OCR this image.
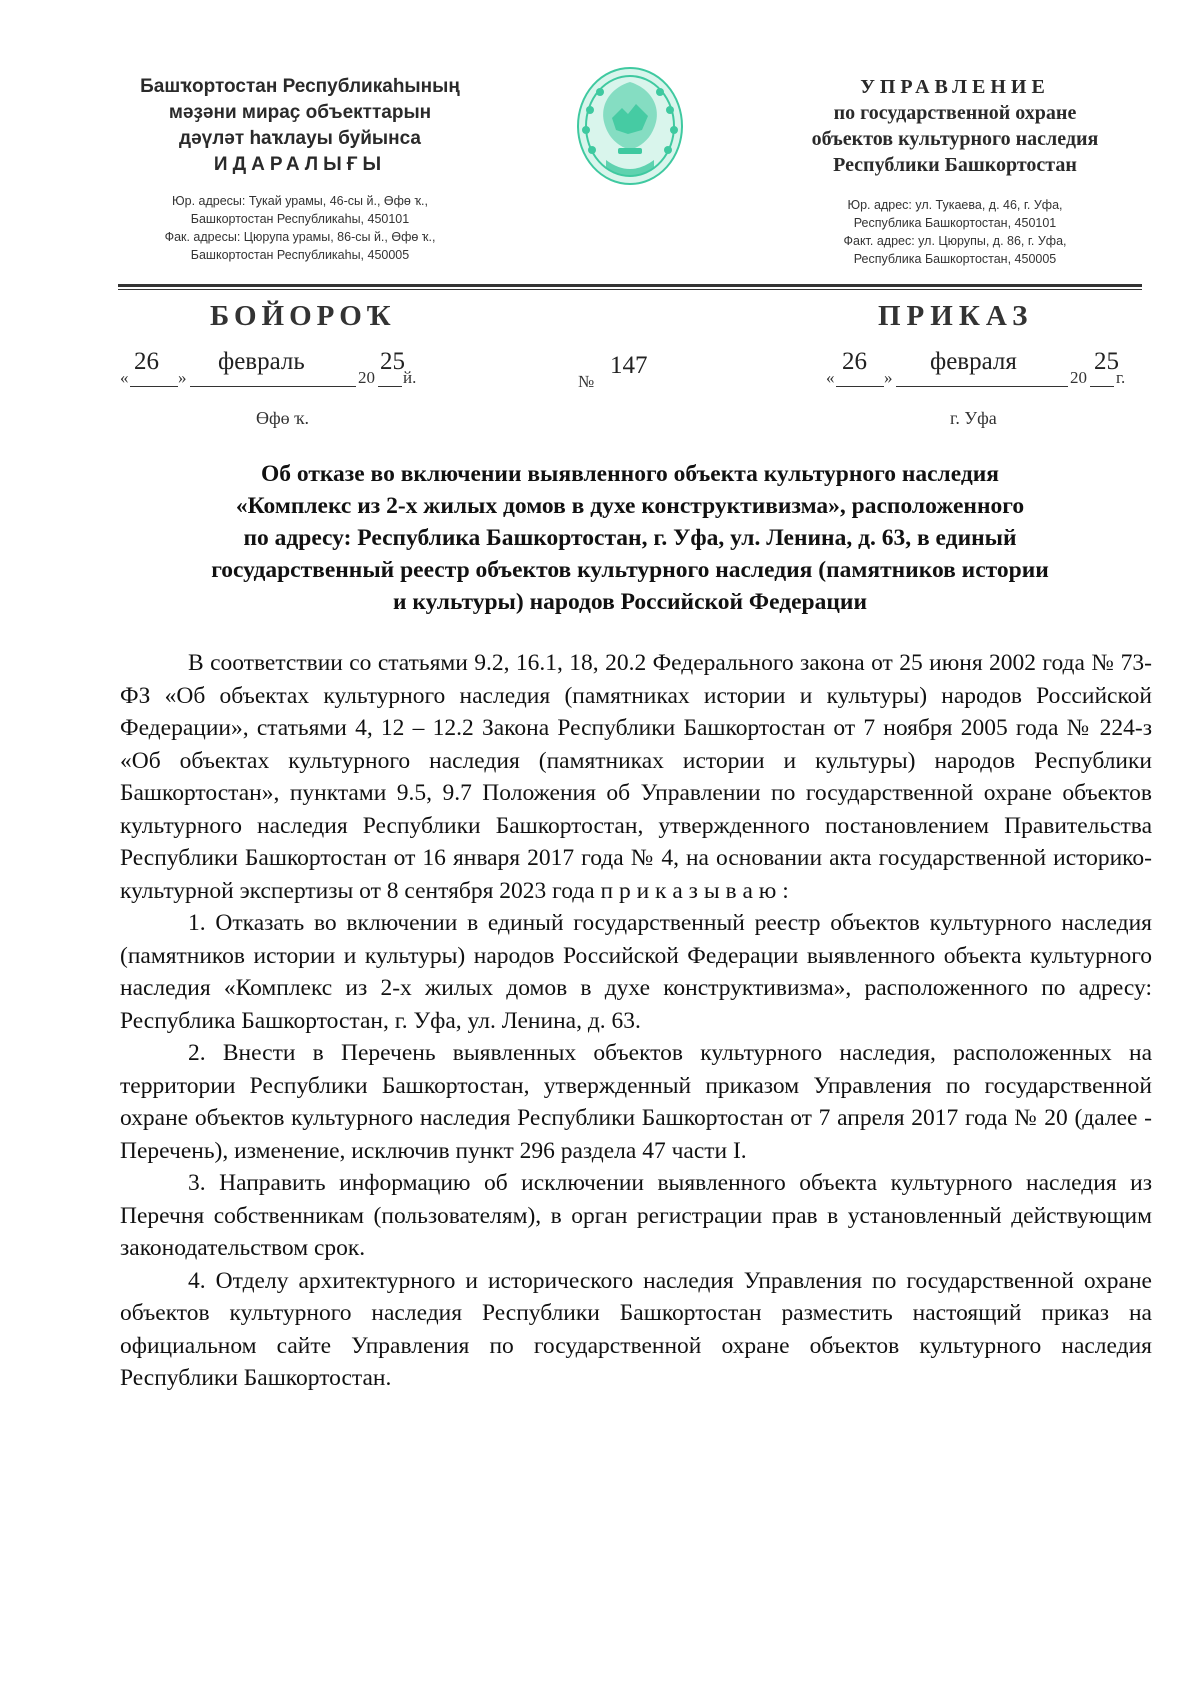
Башҡортостан Республикаһының
мәҙәни мираҫ объекттарын
дәүләт һаҡлауы буйынса
ИДАРАЛЫҒЫ
Юр. адресы: Тукай урамы, 46-сы й., Өфө ҡ.,
Башкортостан Республикаһы, 450101
Фак. адресы: Цюрупа урамы, 86-сы й., Өфө ҡ.,
Башкортостан Республикаһы, 450005
УПРАВЛЕНИЕ
по государственной охране
объектов культурного наследия
Республики Башкортостан
Юр. адрес: ул. Тукаева, д. 46, г. Уфа,
Республика Башкортостан, 450101
Факт. адрес: ул. Цюрупы, д. 86, г. Уфа,
Республика Башкортостан, 450005
БОЙОРОҠ	ПРИКАЗ
«
26
»
февраль
20
25
й.	№
147	«
26
»
февраля
20
25
г.
Өфө ҡ.	г. Уфа
Об отказе во включении выявленного объекта культурного наследия
«Комплекс из 2-х жилых домов в духе конструктивизма», расположенного
по адресу: Республика Башкортостан, г. Уфа, ул. Ленина, д. 63, в единый
государственный реестр объектов культурного наследия (памятников истории
и культуры) народов Российской Федерации

В соответствии со статьями 9.2, 16.1, 18, 20.2 Федерального закона от 25 июня 2002 года № 73-ФЗ «Об объектах культурного наследия (памятниках истории и культуры) народов Российской Федерации», статьями 4, 12 – 12.2 Закона Республики Башкортостан от 7 ноября 2005 года № 224-з «Об объектах культурного наследия (памятниках истории и культуры) народов Республики Башкортостан», пунктами 9.5, 9.7 Положения об Управлении по государственной охране объектов культурного наследия Республики Башкортостан, утвержденного постановлением Правительства Республики Башкортостан от 16 января 2017 года № 4, на основании акта государственной историко-культурной экспертизы от 8 сентября 2023 года п р и к а з ы в а ю :

1. Отказать во включении в единый государственный реестр объектов культурного наследия (памятников истории и культуры) народов Российской Федерации выявленного объекта культурного наследия «Комплекс из 2-х жилых домов в духе конструктивизма», расположенного по адресу: Республика Башкортостан, г. Уфа, ул. Ленина, д. 63.

2. Внести в Перечень выявленных объектов культурного наследия, расположенных на территории Республики Башкортостан, утвержденный приказом Управления по государственной охране объектов культурного наследия Республики Башкортостан от 7 апреля 2017 года № 20 (далее - Перечень), изменение, исключив пункт 296 раздела 47 части I.

3. Направить информацию об исключении выявленного объекта культурного наследия из Перечня собственникам (пользователям), в орган регистрации прав в установленный действующим законодательством срок.

4. Отделу архитектурного и исторического наследия Управления по государственной охране объектов культурного наследия Республики Башкортостан разместить настоящий приказ на официальном сайте Управления по государственной охране объектов культурного наследия Республики Башкортостан.
